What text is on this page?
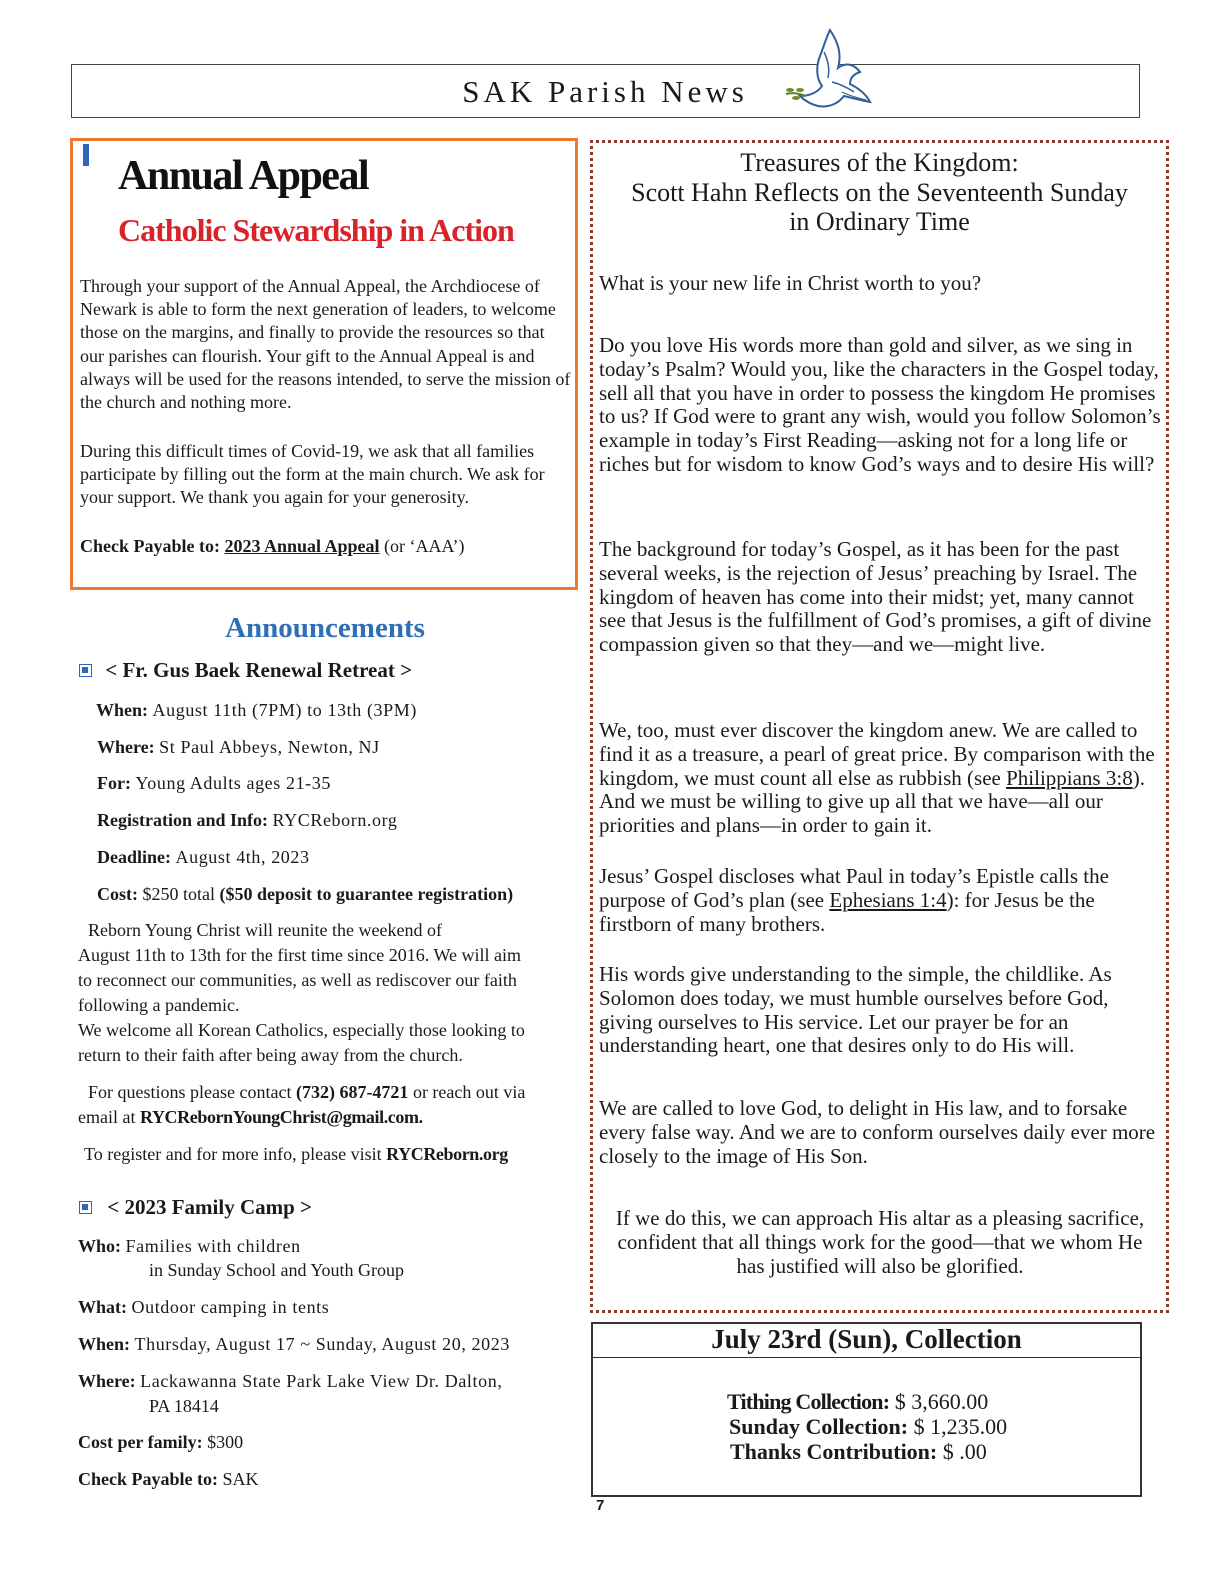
SAK Parish News
Annual Appeal
Catholic Stewardship in Action
Through your support of the Annual Appeal, the Archdiocese of Newark is able to form the next generation of leaders, to welcome those on the margins, and finally to provide the resources so that our parishes can flourish. Your gift to the Annual Appeal is and always will be used for the reasons intended, to serve the mission of the church and nothing more.
During this difficult times of Covid-19, we ask that all families participate by filling out the form at the main church. We ask for your support. We thank you again for your generosity.
Check Payable to: 2023 Annual Appeal (or ‘AAA’)
Announcements
< Fr. Gus Baek Renewal Retreat >
When: August 11th (7PM) to 13th (3PM)
Where: St Paul Abbeys, Newton, NJ
For: Young Adults ages 21-35
Registration and Info: RYCReborn.org
Deadline: August 4th, 2023
Cost: $250 total ($50 deposit to guarantee registration)
Reborn Young Christ will reunite the weekend of
August 11th to 13th for the first time since 2016. We will aim
to reconnect our communities, as well as rediscover our faith
following a pandemic.
We welcome all Korean Catholics, especially those looking to
return to their faith after being away from the church.
For questions please contact (732) 687-4721 or reach out via
email at RYCRebornYoungChrist@gmail.com.
To register and for more info, please visit RYCReborn.org
< 2023 Family Camp >
Who: Families with children
in Sunday School and Youth Group
What: Outdoor camping in tents
When: Thursday, August 17 ~ Sunday, August 20, 2023
Where: Lackawanna State Park Lake View Dr. Dalton,
PA 18414
Cost per family: $300
Check Payable to: SAK
Treasures of the Kingdom:
Scott Hahn Reflects on the Seventeenth Sunday
in Ordinary Time
What is your new life in Christ worth to you?
Do you love His words more than gold and silver, as we sing in today’s Psalm? Would you, like the characters in the Gospel today, sell all that you have in order to possess the kingdom He promises to us? If God were to grant any wish, would you follow Solomon’s example in today’s First Reading—asking not for a long life or riches but for wisdom to know God’s ways and to desire His will?
The background for today’s Gospel, as it has been for the past several weeks, is the rejection of Jesus’ preaching by Israel. The kingdom of heaven has come into their midst; yet, many cannot see that Jesus is the fulfillment of God’s promises, a gift of divine compassion given so that they—and we—might live.
We, too, must ever discover the kingdom anew. We are called to find it as a treasure, a pearl of great price. By comparison with the kingdom, we must count all else as rubbish (see Philippians 3:8). And we must be willing to give up all that we have—all our priorities and plans—in order to gain it.
Jesus’ Gospel discloses what Paul in today’s Epistle calls the purpose of God’s plan (see Ephesians 1:4): for Jesus be the firstborn of many brothers.
His words give understanding to the simple, the childlike. As Solomon does today, we must humble ourselves before God, giving ourselves to His service. Let our prayer be for an understanding heart, one that desires only to do His will.
We are called to love God, to delight in His law, and to forsake every false way. And we are to conform ourselves daily ever more closely to the image of His Son.
If we do this, we can approach His altar as a pleasing sacrifice,
confident that all things work for the good—that we whom He
has justified will also be glorified.
July 23rd (Sun), Collection
Tithing Collection: $ 3,660.00
Sunday Collection: $ 1,235.00
Thanks Contribution: $ .00
7
